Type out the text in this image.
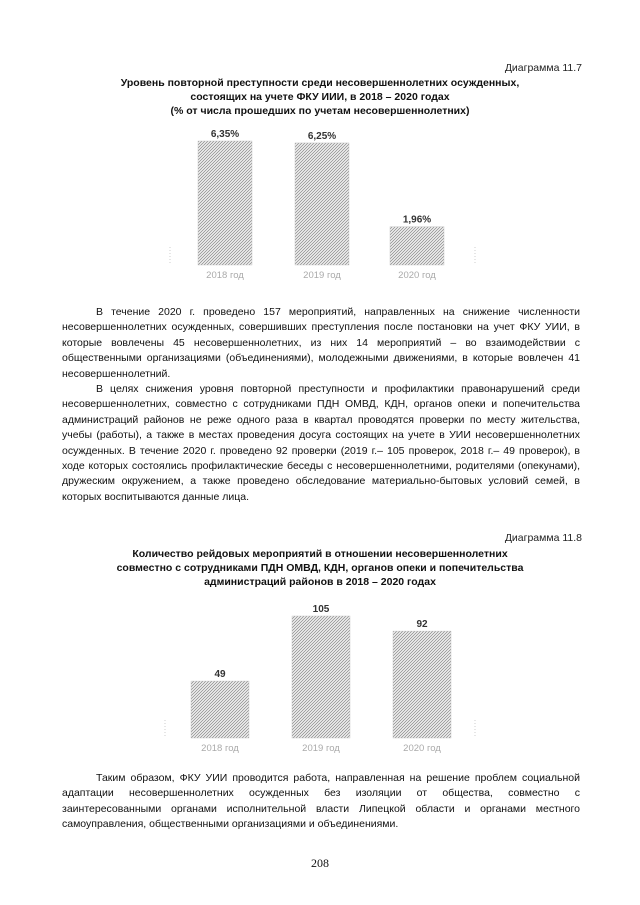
Диаграмма 11.7
Уровень повторной преступности среди несовершеннолетних осужденных,
состоящих на учете ФКУ ИИИ, в 2018 – 2020 годах
(% от числа прошедших по учетам несовершеннолетних)
6,35%
2018 год
6,25%
2019 год
1,96%
2020 год

В течение 2020 г. проведено 157 мероприятий, направленных на снижение численности несовершеннолетних осужденных, совершивших преступления после постановки на учет ФКУ УИИ, в которые вовлечены 45 несовершеннолетних, из них 14 мероприятий – во взаимодействии с общественными организациями (объединениями), молодежными движениями, в которые вовлечен 41 несовершеннолетний.

В целях снижения уровня повторной преступности и профилактики правонарушений среди несовершеннолетних, совместно с сотрудниками ПДН ОМВД, КДН, органов опеки и попечительства администраций районов не реже одного раза в квартал проводятся проверки по месту жительства, учебы (работы), а также в местах проведения досуга состоящих на учете в УИИ несовершеннолетних осужденных. В течение 2020 г. проведено 92 проверки (2019 г.– 105 проверок, 2018 г.– 49 проверок), в ходе которых состоялись профилактические беседы с несовершеннолетними, родителями (опекунами), дружеским окружением, а также проведено обследование материально-бытовых условий семей, в которых воспитываются данные лица.

Диаграмма 11.8
Количество рейдовых мероприятий в отношении несовершеннолетних
совместно с сотрудниками ПДН ОМВД, КДН, органов опеки и попечительства
администраций районов в 2018 – 2020 годах
49
2018 год
105
2019 год
92
2020 год

Таким образом, ФКУ УИИ проводится работа, направленная на решение проблем социальной адаптации несовершеннолетних осужденных без изоляции от общества, совместно с заинтересованными органами исполнительной власти Липецкой области и органами местного самоуправления, общественными организациями и объединениями.

208
